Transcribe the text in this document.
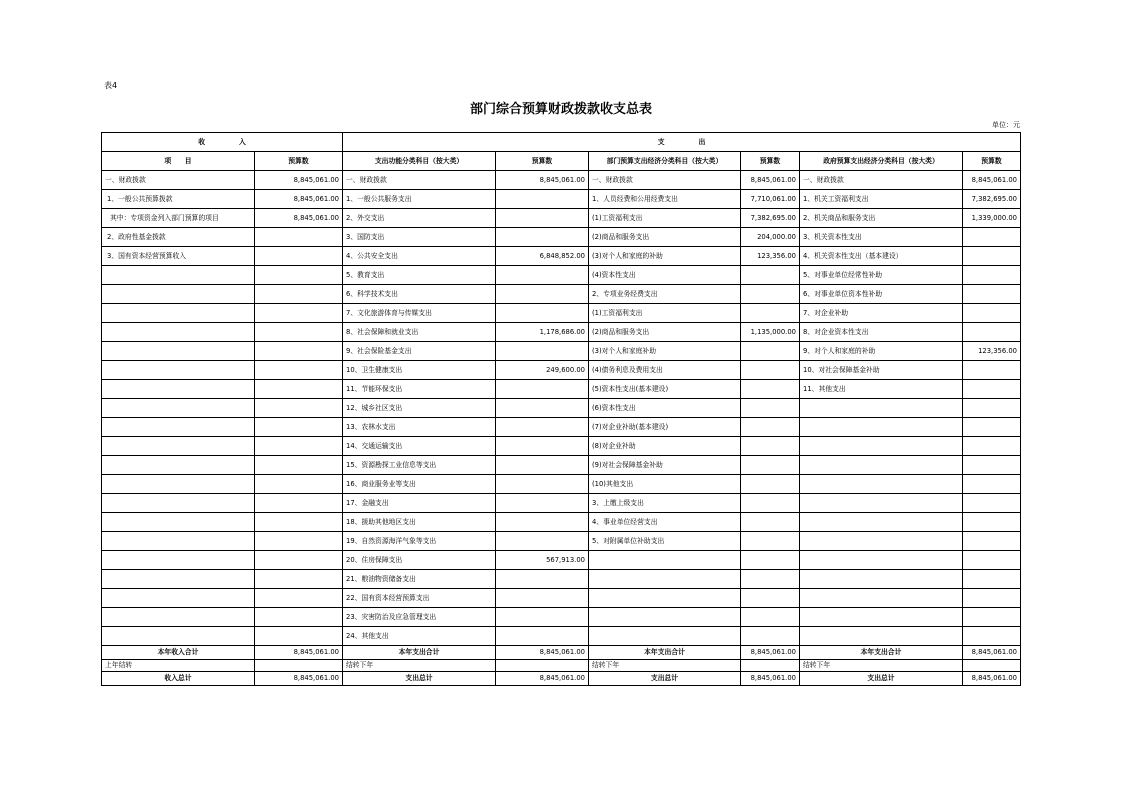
表4
部门综合预算财政拨款收支总表
单位：元
收　　　　　入		支　　　　　出					
项　　目	预算数	支出功能分类科目（按大类）	预算数	部门预算支出经济分类科目（按大类）	预算数	政府预算支出经济分类科目（按大类）	预算数
一、财政拨款	8,845,061.00	一、财政拨款	8,845,061.00	一、财政拨款	8,845,061.00	一、财政拨款	8,845,061.00
1、一般公共预算拨款	8,845,061.00	1、一般公共服务支出		1、人员经费和公用经费支出	7,710,061.00	1、机关工资福利支出	7,382,695.00
其中：专项资金列入部门预算的项目	8,845,061.00	2、外交支出		(1)工资福利支出	7,382,695.00	2、机关商品和服务支出	1,339,000.00
2、政府性基金拨款		3、国防支出		(2)商品和服务支出	204,000.00	3、机关资本性支出	
3、国有资本经营预算收入		4、公共安全支出	6,848,852.00	(3)对个人和家庭的补助	123,356.00	4、机关资本性支出（基本建设）	
		5、教育支出		(4)资本性支出		5、对事业单位经常性补助	
		6、科学技术支出		2、专项业务经费支出		6、对事业单位资本性补助	
		7、文化旅游体育与传媒支出		(1)工资福利支出		7、对企业补助	
		8、社会保障和就业支出	1,178,686.00	(2)商品和服务支出	1,135,000.00	8、对企业资本性支出	
		9、社会保险基金支出		(3)对个人和家庭补助		9、对个人和家庭的补助	123,356.00
		10、卫生健康支出	249,600.00	(4)债务利息及费用支出		10、对社会保障基金补助	
		11、节能环保支出		(5)资本性支出(基本建设)		11、其他支出	
		12、城乡社区支出		(6)资本性支出			
		13、农林水支出		(7)对企业补助(基本建设)			
		14、交通运输支出		(8)对企业补助			
		15、资源勘探工业信息等支出		(9)对社会保障基金补助			
		16、商业服务业等支出		(10)其他支出			
		17、金融支出		3、上缴上级支出			
		18、援助其他地区支出		4、事业单位经营支出			
		19、自然资源海洋气象等支出		5、对附属单位补助支出			
		20、住房保障支出	567,913.00				
		21、粮油物资储备支出					
		22、国有资本经营预算支出					
		23、灾害防治及应急管理支出					
		24、其他支出					
本年收入合计	8,845,061.00	本年支出合计	8,845,061.00	本年支出合计	8,845,061.00	本年支出合计	8,845,061.00
上年结转		结转下年		结转下年		结转下年	
收入总计	8,845,061.00	支出总计	8,845,061.00	支出总计	8,845,061.00	支出总计	8,845,061.00
